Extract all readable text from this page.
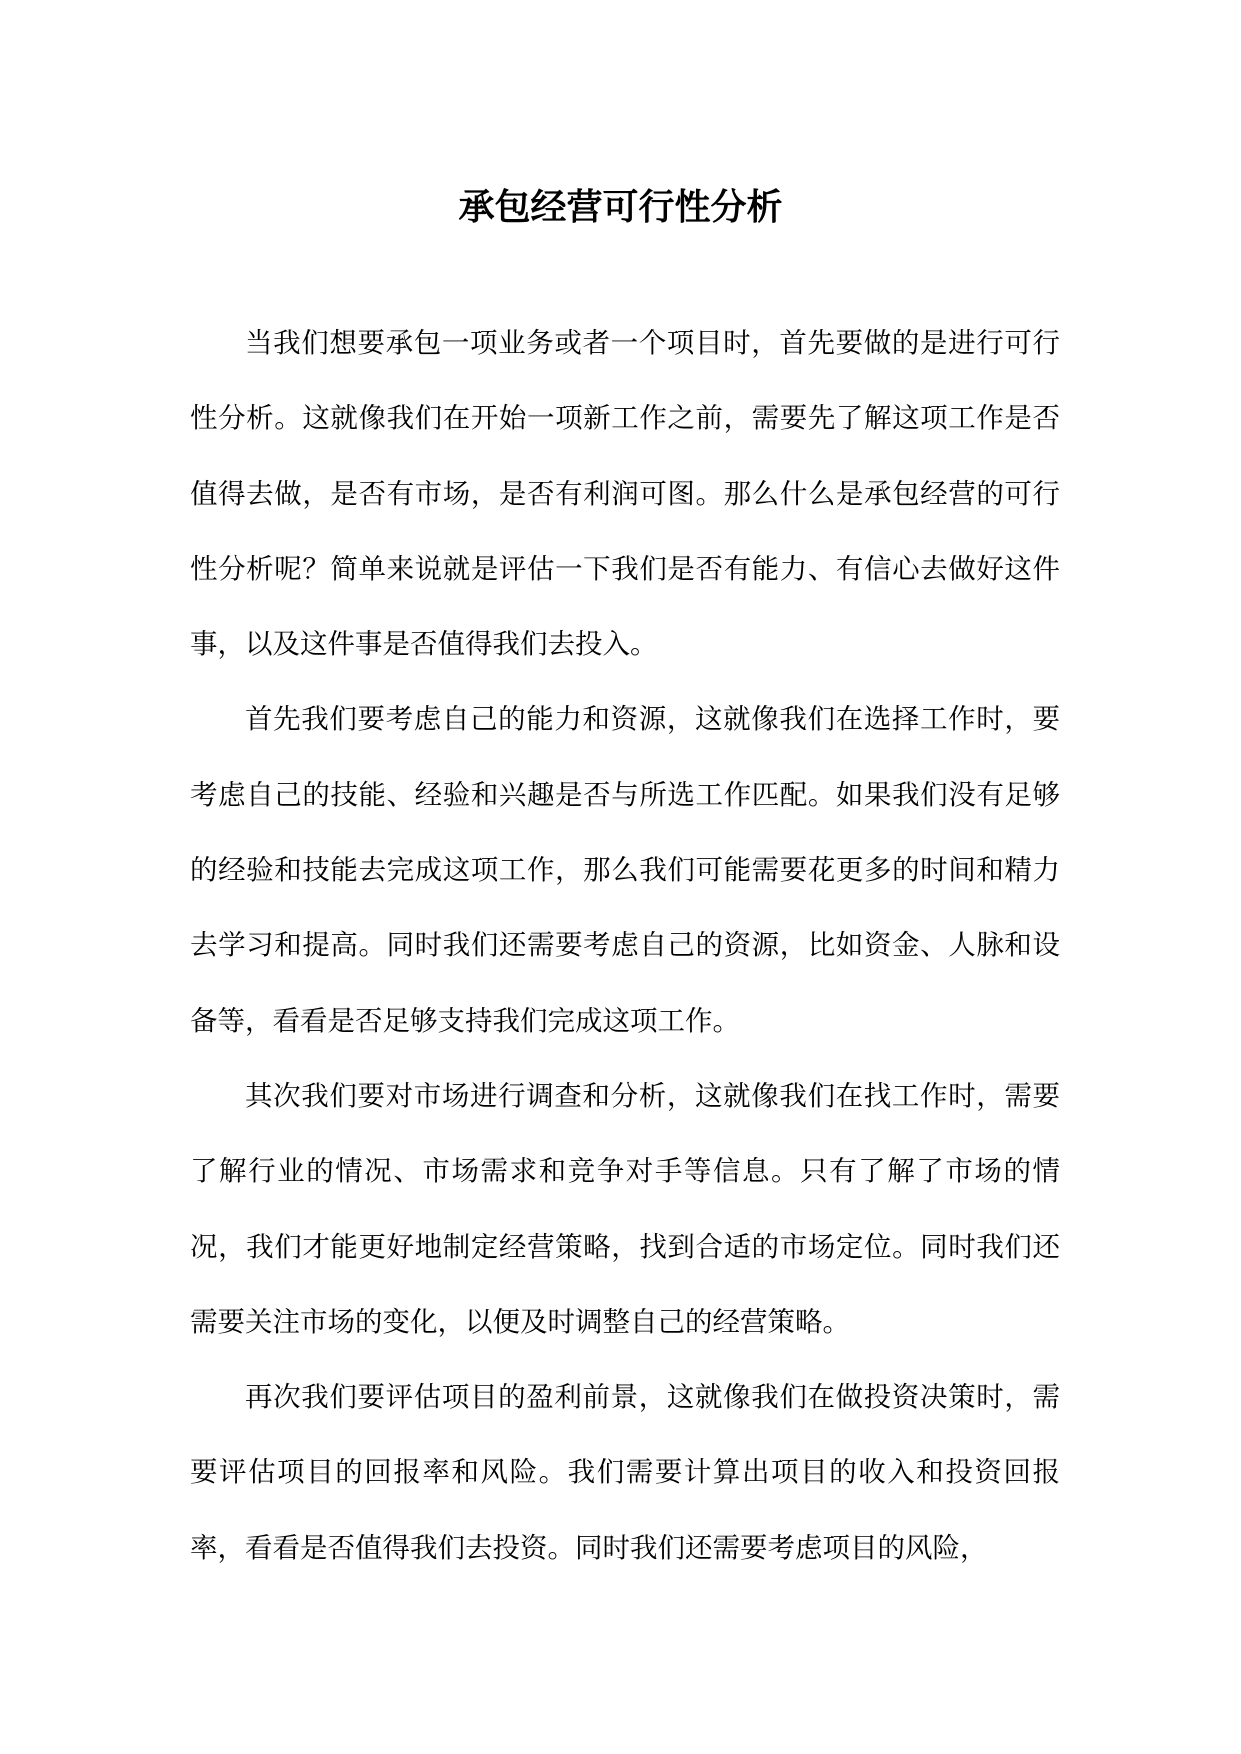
承包经营可行性分析

当我们想要承包一项业务或者一个项目时，首先要做的是进行可行性分析。这就像我们在开始一项新工作之前，需要先了解这项工作是否值得去做，是否有市场，是否有利润可图。那么什么是承包经营的可行性分析呢？简单来说就是评估一下我们是否有能力、有信心去做好这件事，以及这件事是否值得我们去投入。

首先我们要考虑自己的能力和资源，这就像我们在选择工作时，要考虑自己的技能、经验和兴趣是否与所选工作匹配。如果我们没有足够的经验和技能去完成这项工作，那么我们可能需要花更多的时间和精力去学习和提高。同时我们还需要考虑自己的资源，比如资金、人脉和设备等，看看是否足够支持我们完成这项工作。

其次我们要对市场进行调查和分析，这就像我们在找工作时，需要了解行业的情况、市场需求和竞争对手等信息。只有了解了市场的情况，我们才能更好地制定经营策略，找到合适的市场定位。同时我们还需要关注市场的变化，以便及时调整自己的经营策略。

再次我们要评估项目的盈利前景，这就像我们在做投资决策时，需要评估项目的回报率和风险。我们需要计算出项目的收入和投资回报率，看看是否值得我们去投资。同时我们还需要考虑项目的风险，
